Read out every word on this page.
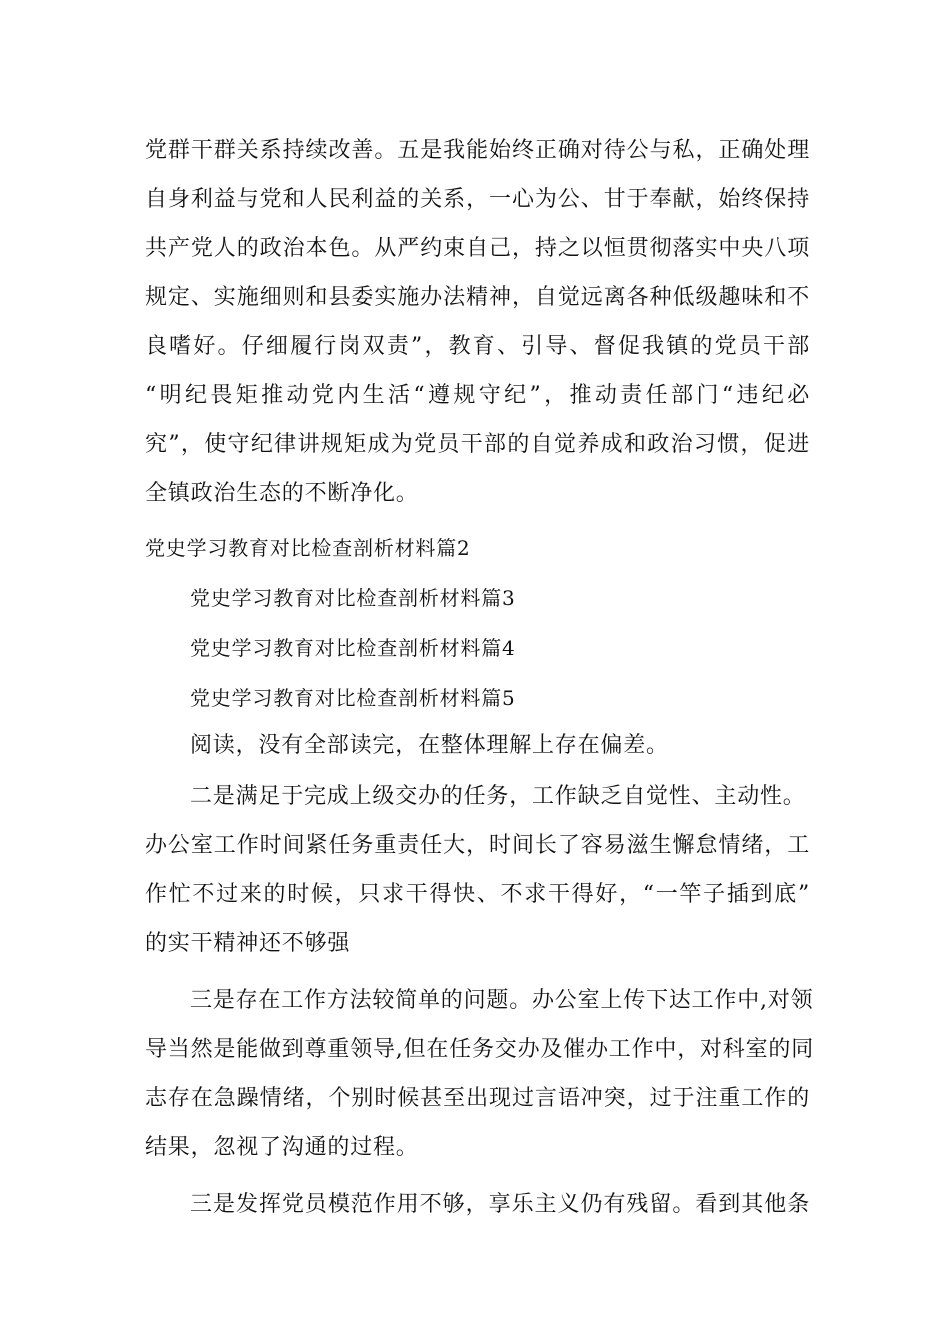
党群干群关系持续改善。五是我能始终正确对待公与私，正确处理
自身利益与党和人民利益的关系，一心为公、甘于奉献，始终保持
共产党人的政治本色。从严约束自己，持之以恒贯彻落实中央八项
规定、实施细则和县委实施办法精神，自觉远离各种低级趣味和不
良嗜好。仔细履行岗双责”，教育、引导、督促我镇的党员干部
“明纪畏矩推动党内生活“遵规守纪”，推动责任部门“违纪必
究”，使守纪律讲规矩成为党员干部的自觉养成和政治习惯，促进
全镇政治生态的不断净化。
党史学习教育对比检查剖析材料篇2
党史学习教育对比检查剖析材料篇3
党史学习教育对比检查剖析材料篇4
党史学习教育对比检查剖析材料篇5
阅读，没有全部读完，在整体理解上存在偏差。
二是满足于完成上级交办的任务，工作缺乏自觉性、主动性。
办公室工作时间紧任务重责任大，时间长了容易滋生懈怠情绪，工
作忙不过来的时候，只求干得快、不求干得好，“一竿子插到底”
的实干精神还不够强
三是存在工作方法较简单的问题。办公室上传下达工作中,对领
导当然是能做到尊重领导,但在任务交办及催办工作中，对科室的同
志存在急躁情绪，个别时候甚至出现过言语冲突，过于注重工作的
结果，忽视了沟通的过程。
三是发挥党员模范作用不够，享乐主义仍有残留。看到其他条
